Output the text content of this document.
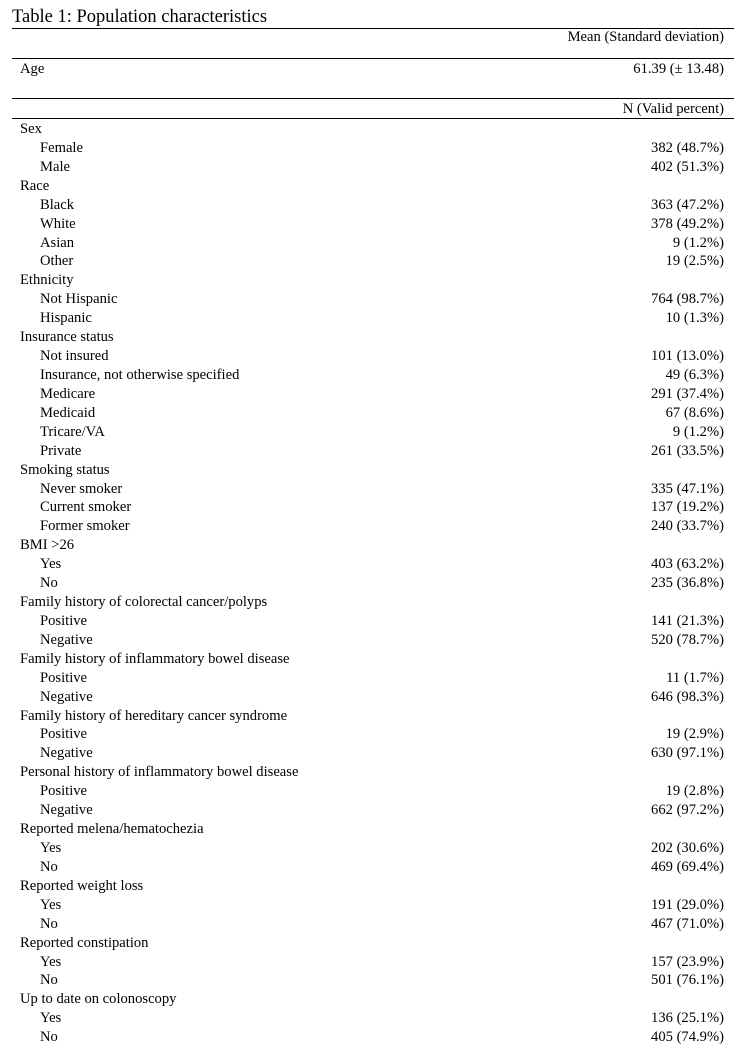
Table 1: Population characteristics
Mean (Standard deviation)
Age	61.39 (± 13.48)
N (Valid percent)
Sex
Female	382 (48.7%)
Male	402 (51.3%)
Race
Black	363 (47.2%)
White	378 (49.2%)
Asian	9 (1.2%)
Other	19 (2.5%)
Ethnicity
Not Hispanic	764 (98.7%)
Hispanic	10 (1.3%)
Insurance status
Not insured	101 (13.0%)
Insurance, not otherwise specified	49 (6.3%)
Medicare	291 (37.4%)
Medicaid	67 (8.6%)
Tricare/VA	9 (1.2%)
Private	261 (33.5%)
Smoking status
Never smoker	335 (47.1%)
Current smoker	137 (19.2%)
Former smoker	240 (33.7%)
BMI >26
Yes	403 (63.2%)
No	235 (36.8%)
Family history of colorectal cancer/polyps
Positive	141 (21.3%)
Negative	520 (78.7%)
Family history of inflammatory bowel disease
Positive	11 (1.7%)
Negative	646 (98.3%)
Family history of hereditary cancer syndrome
Positive	19 (2.9%)
Negative	630 (97.1%)
Personal history of inflammatory bowel disease
Positive	19 (2.8%)
Negative	662 (97.2%)
Reported melena/hematochezia
Yes	202 (30.6%)
No	469 (69.4%)
Reported weight loss
Yes	191 (29.0%)
No	467 (71.0%)
Reported constipation
Yes	157 (23.9%)
No	501 (76.1%)
Up to date on colonoscopy
Yes	136 (25.1%)
No	405 (74.9%)
